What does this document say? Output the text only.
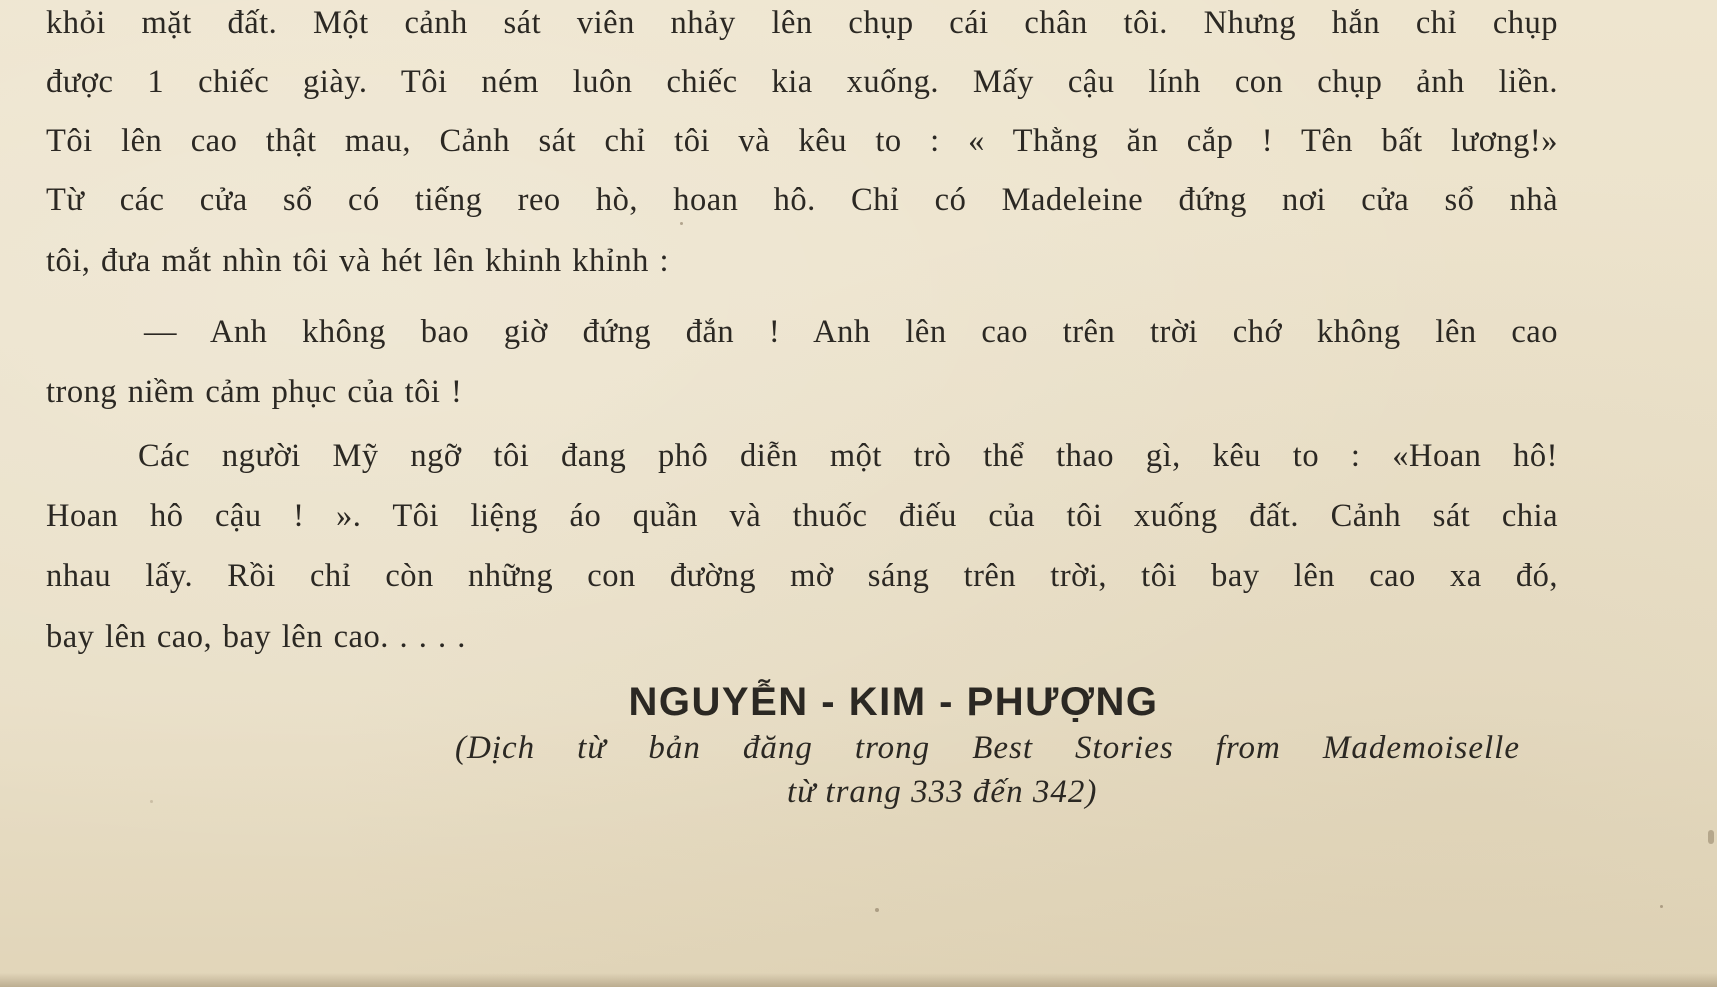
khỏi mặt đất. Một cảnh sát viên nhảy lên chụp cái chân tôi. Nhưng hắn chỉ chụp
được 1 chiếc giày. Tôi ném luôn chiếc kia xuống. Mấy cậu lính con chụp ảnh liền.
Tôi lên cao thật mau, Cảnh sát chỉ tôi và kêu to : « Thằng ăn cắp ! Tên bất lương!»
Từ các cửa sổ có tiếng reo hò, hoan hô. Chỉ có Madeleine đứng nơi cửa sổ nhà
tôi, đưa mắt nhìn tôi và hét lên khinh khỉnh :
— Anh không bao giờ đứng đắn ! Anh lên cao trên trời chớ không lên cao
trong niềm cảm phục của tôi !
Các người Mỹ ngỡ tôi đang phô diễn một trò thể thao gì, kêu to : «Hoan hô!
Hoan hô cậu ! ». Tôi liệng áo quần và thuốc điếu của tôi xuống đất. Cảnh sát chia
nhau lấy. Rồi chỉ còn những con đường mờ sáng trên trời, tôi bay lên cao xa đó,
bay lên cao, bay lên cao. . . . .
NGUYỄN - KIM - PHƯỢNG
(Dịch từ bản đăng trong Best Stories from Mademoiselle
từ trang 333 đến 342)
